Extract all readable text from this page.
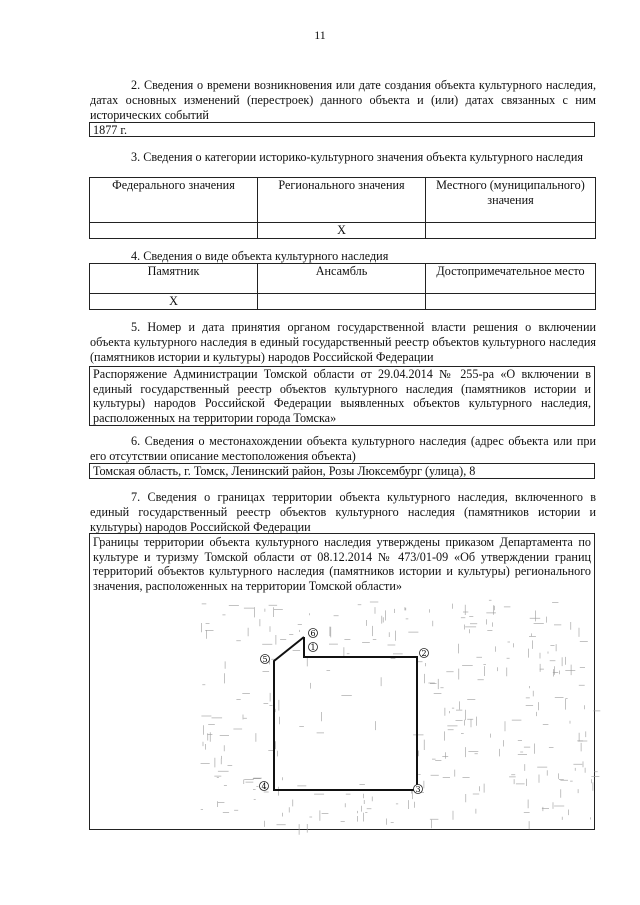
11
2. Сведения о времени возникновения или дате создания объекта культурного наследия, датах основных изменений (перестроек) данного объекта и (или) датах связанных с ним исторических событий
1877 г.
3. Сведения о категории историко-культурного значения объекта культурного наследия
Федерального значения	Регионального значения	Местного (муниципального) значения
	Х	
4. Сведения о виде объекта культурного наследия
Памятник	Ансамбль	Достопримечательное место
Х		
5. Номер и дата принятия органом государственной власти решения о включении объекта культурного наследия в единый государственный реестр объектов культурного наследия (памятников истории и культуры) народов Российской Федерации
Распоряжение Администрации Томской области от 29.04.2014 № 255-ра «О включении в единый государственный реестр объектов культурного наследия (памятников истории и культуры) народов Российской Федерации выявленных объектов культурного наследия, расположенных на территории города Томска»
6. Сведения о местонахождении объекта культурного наследия (адрес объекта или при его отсутствии описание местоположения объекта)
Томская область, г. Томск, Ленинский район, Розы Люксембург (улица), 8
7. Сведения о границах территории объекта культурного наследия, включенного в единый государственный реестр объектов культурного наследия (памятников истории и культуры) народов Российской Федерации
Границы территории объекта культурного наследия утверждены приказом Департамента по культуре и туризму Томской области от 08.12.2014 № 473/01-09 «Об утверждении границ территорий объектов культурного наследия (памятников истории и культуры) регионального значения, расположенных на территории Томской области»
1
2
3
4
5
6
